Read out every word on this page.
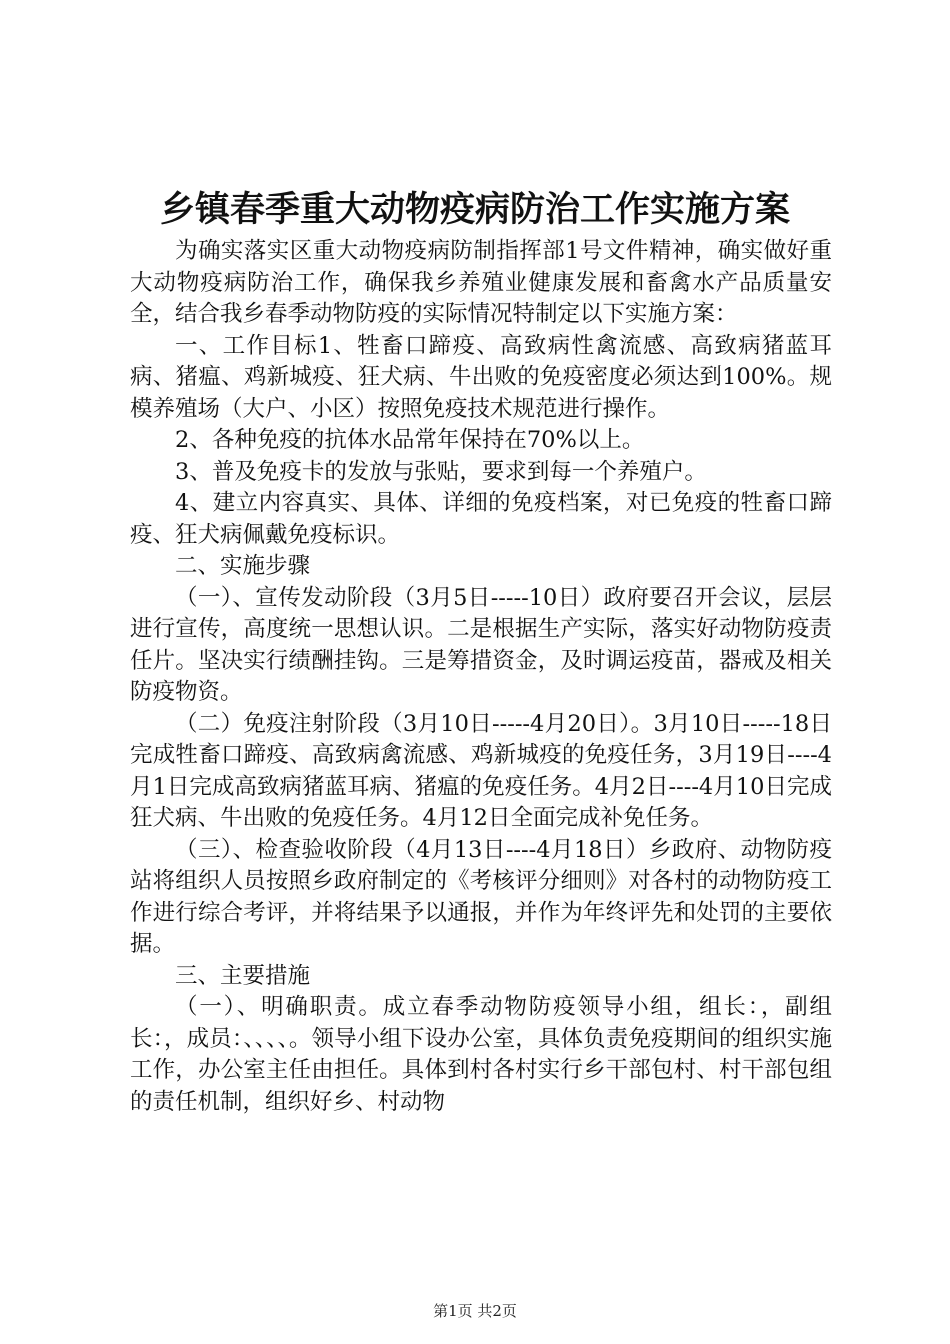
乡镇春季重大动物疫病防治工作实施方案

为确实落实区重大动物疫病防制指挥部1号文件精神，确实做好重大动物疫病防治工作，确保我乡养殖业健康发展和畜禽水产品质量安全，结合我乡春季动物防疫的实际情况特制定以下实施方案：

一、工作目标1、牲畜口蹄疫、高致病性禽流感、高致病猪蓝耳病、猪瘟、鸡新城疫、狂犬病、牛出败的免疫密度必须达到100%。规模养殖场（大户、小区）按照免疫技术规范进行操作。

2、各种免疫的抗体水品常年保持在70%以上。

3、普及免疫卡的发放与张贴，要求到每一个养殖户。

4、建立内容真实、具体、详细的免疫档案，对已免疫的牲畜口蹄疫、狂犬病佩戴免疫标识。

二、实施步骤

（一）、宣传发动阶段（3月5日-----10日）政府要召开会议，层层进行宣传，高度统一思想认识。二是根据生产实际，落实好动物防疫责任片。坚决实行绩酬挂钩。三是筹措资金，及时调运疫苗，器戒及相关防疫物资。

（二）免疫注射阶段（3月10日-----4月20日）。3月10日-----18日完成牲畜口蹄疫、高致病禽流感、鸡新城疫的免疫任务，3月19日----4月1日完成高致病猪蓝耳病、猪瘟的免疫任务。4月2日----4月10日完成狂犬病、牛出败的免疫任务。4月12日全面完成补免任务。

（三）、检查验收阶段（4月13日----4月18日）乡政府、动物防疫站将组织人员按照乡政府制定的《考核评分细则》对各村的动物防疫工作进行综合考评，并将结果予以通报，并作为年终评先和处罚的主要依据。

三、主要措施

（一）、明确职责。成立春季动物防疫领导小组，组长：，副组长：，成员：、、、、。领导小组下设办公室，具体负责免疫期间的组织实施工作，办公室主任由担任。具体到村各村实行乡干部包村、村干部包组的责任机制，组织好乡、村动物

第1页 共2页
